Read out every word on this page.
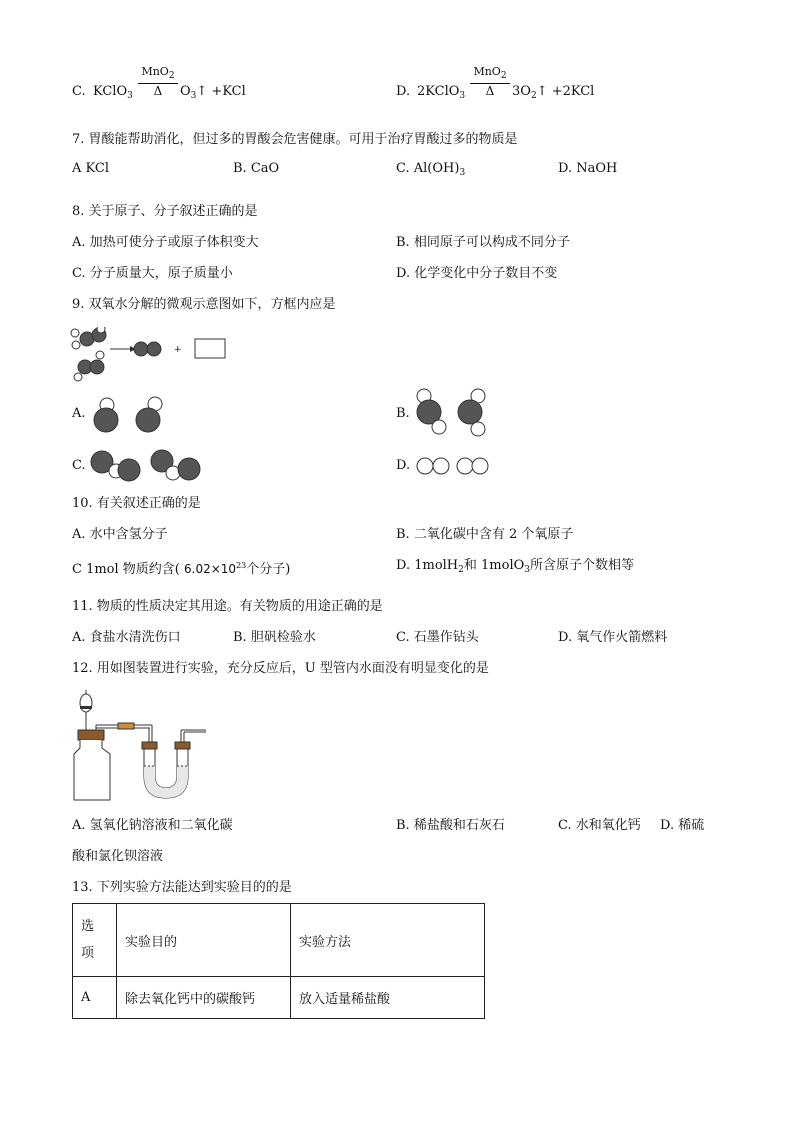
C. KClO$_3$
MnO$_2$
Δ	$O_3↑ +KCl$	D. 2KClO$_3$
MnO$_2$
Δ	$3O_2↑ +2KCl$
7. 胃酸能帮助消化，但过多的胃酸会危害健康。可用于治疗胃酸过多的物质是
A KCl	B. CaO	C. $Al(OH)_3$	D. NaOH
8. 关于原子、分子叙述正确的是
A. 加热可使分子或原子体积变大	B. 相同原子可以构成不同分子
C. 分子质量大，原子质量小	D. 化学变化中分子数目不变
9. 双氧水分解的微观示意图如下，方框内应是
+
A.	B.
C.	D.
10. 有关叙述正确的是
A. 水中含氢分子	B. 二氧化碳中含有 2 个氧原子
C 1mol 物质约含( $6.02\times 10^{23}$个分子)	D. 1molH$_2$和 1molO$_3$所含原子个数相等
11. 物质的性质决定其用途。有关物质的用途正确的是
A. 食盐水清洗伤口	B. 胆矾检验水	C. 石墨作钻头	D. 氧气作火箭燃料
12. 用如图装置进行实验，充分反应后，U 型管内水面没有明显变化的是
A. 氢氧化钠溶液和二氧化碳	B. 稀盐酸和石灰石	C. 水和氧化钙 D. 稀硫
酸和氯化钡溶液
13. 下列实验方法能达到实验目的的是
选
项	实验目的	实验方法
A	除去氧化钙中的碳酸钙	放入适量稀盐酸
